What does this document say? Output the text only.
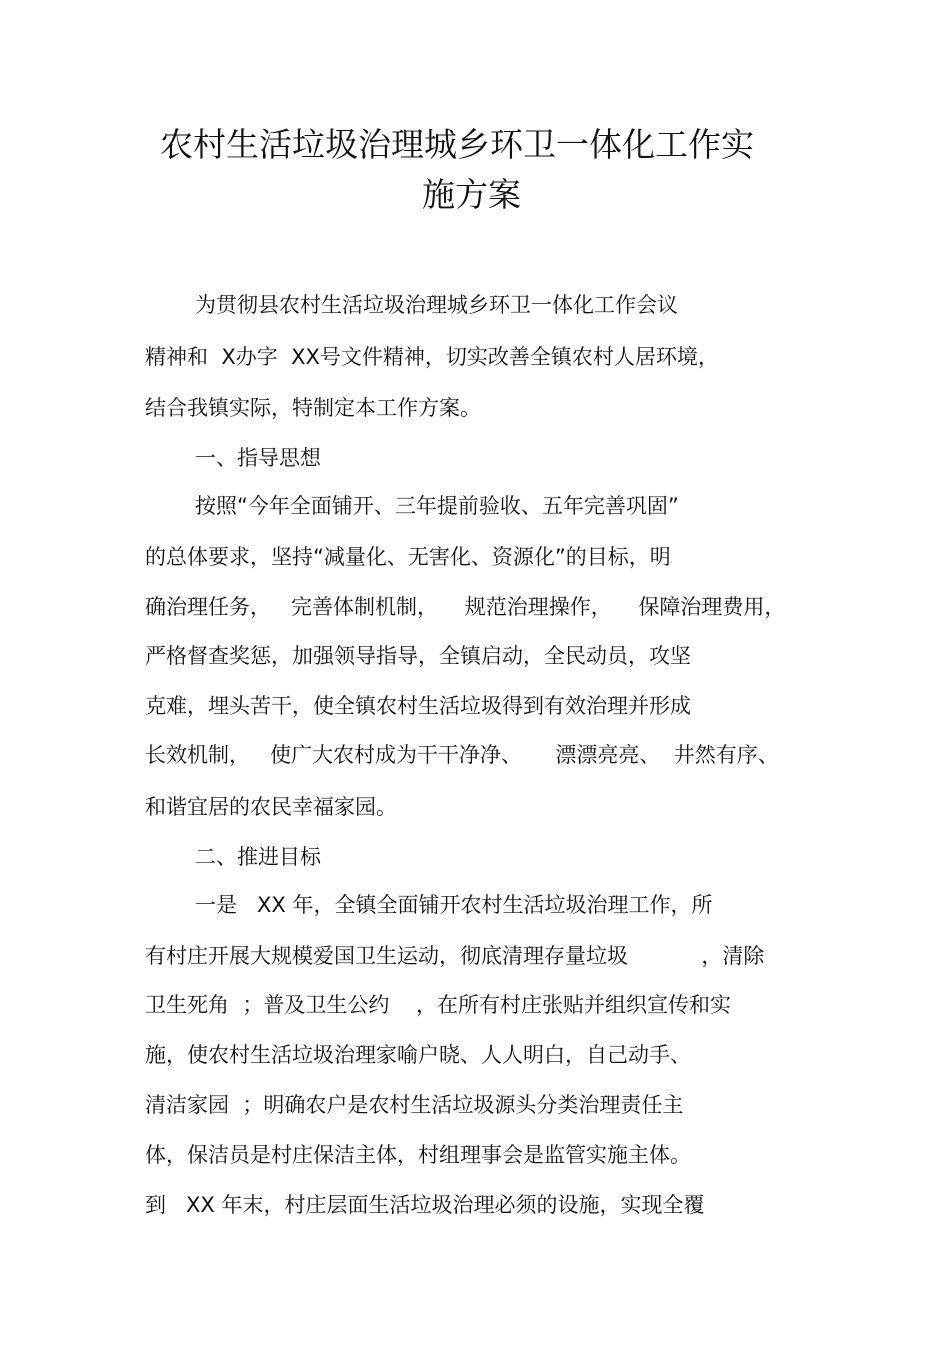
农村生活垃圾治理城乡环卫一体化工作实
施方案
为贯彻县农村生活垃圾治理城乡环卫一体化工作会议
精神和  X办字  XX号文件精神，切实改善全镇农村人居环境，
结合我镇实际，特制定本工作方案。
一、指导思想
按照“今年全面铺开、三年提前验收、五年完善巩固”
的总体要求，坚持“减量化、无害化、资源化”的目标，明
确治理任务，   完善体制机制，    规范治理操作，    保障治理费用，
严格督查奖惩，加强领导指导，全镇启动，全民动员，攻坚
克难，埋头苦干，使全镇农村生活垃圾得到有效治理并形成
长效机制，   使广大农村成为干干净净、     漂漂亮亮、  井然有序、
和谐宜居的农民幸福家园。
二、推进目标
一是   XX 年，全镇全面铺开农村生活垃圾治理工作，所
有村庄开展大规模爱国卫生运动，彻底清理存量垃圾           ，清除
卫生死角  ；普及卫生公约    ，在所有村庄张贴并组织宣传和实
施，使农村生活垃圾治理家喻户晓、人人明白，自己动手、
清洁家园  ；明确农户是农村生活垃圾源头分类治理责任主
体，保洁员是村庄保洁主体，村组理事会是监管实施主体。
到   XX 年末，村庄层面生活垃圾治理必须的设施，实现全覆
